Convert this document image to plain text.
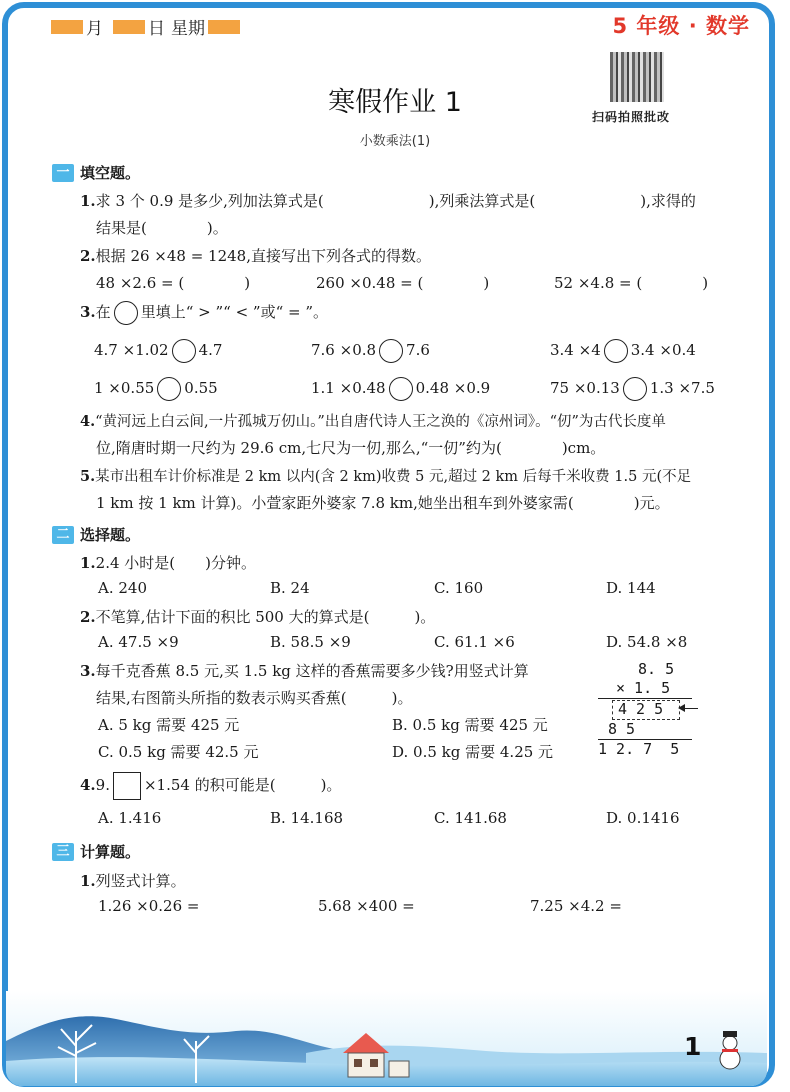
月	日 星期	5 年级 · 数学
扫码拍照批改
寒假作业 1
小数乘法(1)
一 填空题。
1.求 3 个 0.9 是多少,列加法算式是(　　　　　　　),列乘法算式是(　　　　　　　),求得的
结果是(　　　　)。
2.根据 26 ×48 = 1248,直接写出下列各式的得数。
48 ×2.6 = (　　　　)	260 ×0.48 = (　　　　)	52 ×4.8 = (　　　　)
3.在 里填上“ > ”“ < ”或“ = ”。
4.7 ×1.02 4.7	7.6 ×0.8 7.6	3.4 ×4 3.4 ×0.4
1 ×0.55 0.55	1.1 ×0.48 0.48 ×0.9	75 ×0.13 1.3 ×7.5
4.“黄河远上白云间,一片孤城万仞山。”出自唐代诗人王之涣的《凉州词》。“仞”为古代长度单
位,隋唐时期一尺约为 29.6 cm,七尺为一仞,那么,“一仞”约为(　　　　)cm。
5.某市出租车计价标准是 2 km 以内(含 2 km)收费 5 元,超过 2 km 后每千米收费 1.5 元(不足
1 km 按 1 km 计算)。小萱家距外婆家 7.8 km,她坐出租车到外婆家需(　　　　)元。
二 选择题。
1.2.4 小时是(　　)分钟。
A. 240	B. 24	C. 160	D. 144
2.不笔算,估计下面的积比 500 大的算式是(　　　)。
A. 47.5 ×9	B. 58.5 ×9	C. 61.1 ×6	D. 54.8 ×8
3.每千克香蕉 8.5 元,买 1.5 kg 这样的香蕉需要多少钱?用竖式计算
结果,右图箭头所指的数表示购买香蕉(　　　)。
A. 5 kg 需要 425 元	B. 0.5 kg 需要 425 元
C. 0.5 kg 需要 42.5 元	D. 0.5 kg 需要 4.25 元
8. 5
× 1. 5
4 2 5
8 5
1 2. 7  5
4.9. ×1.54 的积可能是(　　　)。
A. 1.416	B. 14.168	C. 141.68	D. 0.1416
三 计算题。
1.列竖式计算。
1.26 ×0.26 =	5.68 ×400 =	7.25 ×4.2 =
1
